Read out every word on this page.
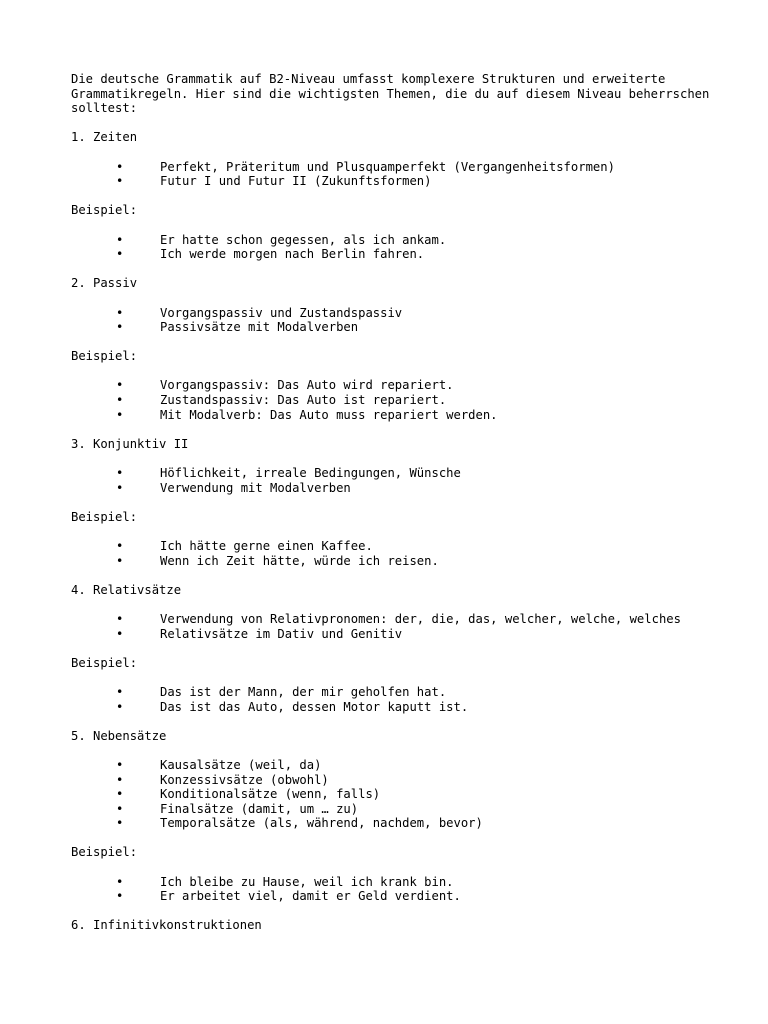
Die deutsche Grammatik auf B2-Niveau umfasst komplexere Strukturen und erweiterte Grammatikregeln. Hier sind die wichtigsten Themen, die du auf diesem Niveau beherrschen solltest:

1. Zeiten

•	Perfekt, Präteritum und Plusquamperfekt (Vergangenheitsformen)
•	Futur I und Futur II (Zukunftsformen)

Beispiel:

•	Er hatte schon gegessen, als ich ankam.
•	Ich werde morgen nach Berlin fahren.

2. Passiv

•	Vorgangspassiv und Zustandspassiv
•	Passivsätze mit Modalverben

Beispiel:

•	Vorgangspassiv: Das Auto wird repariert.
•	Zustandspassiv: Das Auto ist repariert.
•	Mit Modalverb: Das Auto muss repariert werden.

3. Konjunktiv II

•	Höflichkeit, irreale Bedingungen, Wünsche
•	Verwendung mit Modalverben

Beispiel:

•	Ich hätte gerne einen Kaffee.
•	Wenn ich Zeit hätte, würde ich reisen.

4. Relativsätze

•	Verwendung von Relativpronomen: der, die, das, welcher, welche, welches
•	Relativsätze im Dativ und Genitiv

Beispiel:

•	Das ist der Mann, der mir geholfen hat.
•	Das ist das Auto, dessen Motor kaputt ist.

5. Nebensätze

•	Kausalsätze (weil, da)
•	Konzessivsätze (obwohl)
•	Konditionalsätze (wenn, falls)
•	Finalsätze (damit, um … zu)
•	Temporalsätze (als, während, nachdem, bevor)

Beispiel:

•	Ich bleibe zu Hause, weil ich krank bin.
•	Er arbeitet viel, damit er Geld verdient.

6. Infinitivkonstruktionen
